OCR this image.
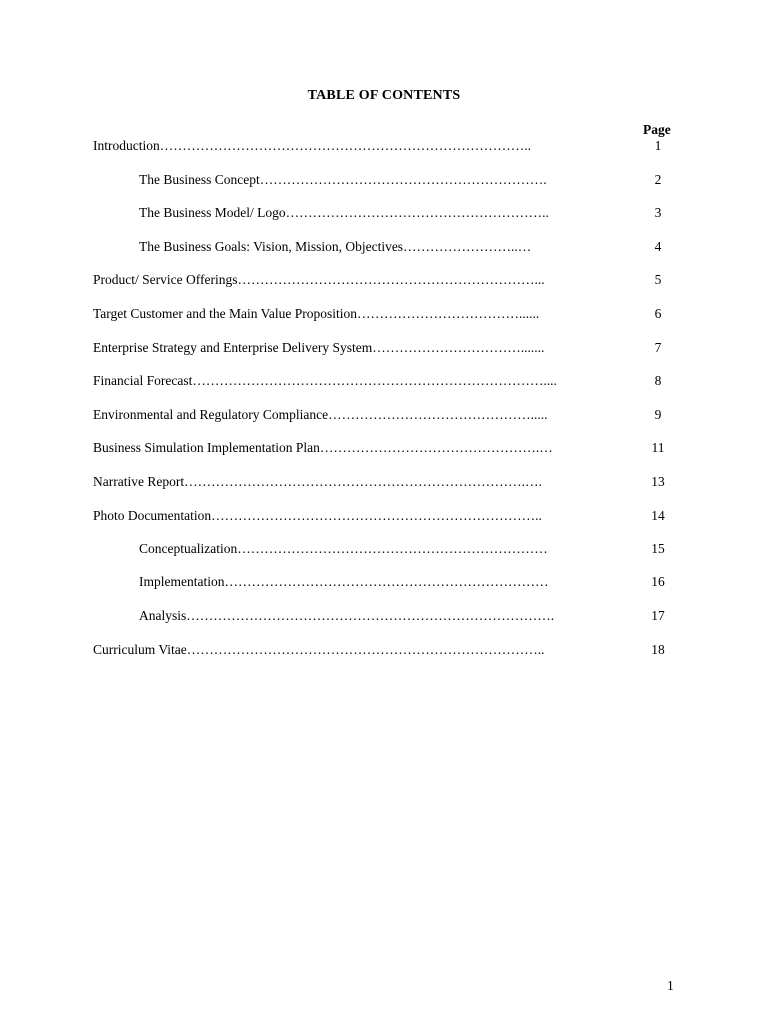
TABLE OF CONTENTS
Page
Introduction………………………………………………………………………..	1
The Business Concept……………………………………………………….	2
The Business Model/ Logo…………………………………………………..	3
The Business Goals: Vision, Mission, Objectives……………………..…	4
Product/ Service Offerings…………………………………………………………...	5
Target Customer and the Main Value Proposition………………………………......	6
Enterprise Strategy and Enterprise Delivery System…………………………….......	7
Financial Forecast……………………………………………………………………....	8
Environmental and Regulatory Compliance……………………………………….....	9
Business Simulation Implementation Plan………………………………………….…	11
Narrative Report………………………………………………………………….….	13
Photo Documentation………………………………………………………………..	14
Conceptualization……………………………………………………………	15
Implementation………………………………………………………………	16
Analysis……………………………………………………………………….	17
Curriculum Vitae……………………………………………………………………..	18
1
